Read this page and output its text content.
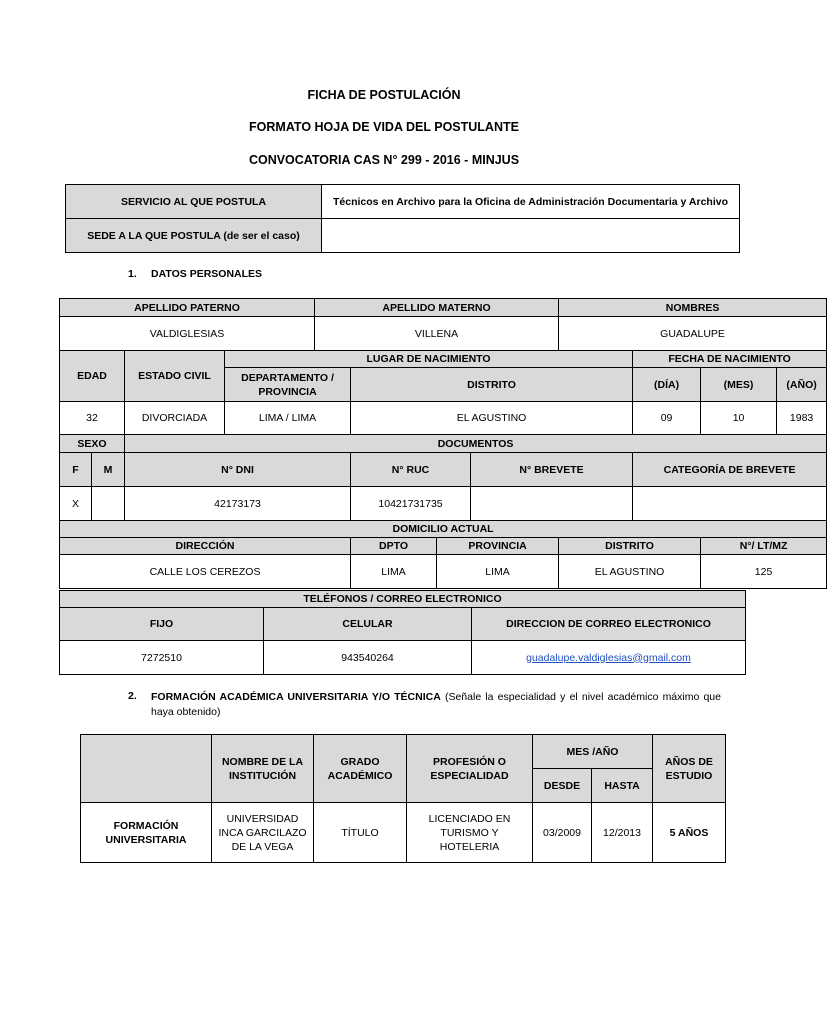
FICHA DE POSTULACIÓN
FORMATO HOJA DE VIDA DEL POSTULANTE
CONVOCATORIA CAS N° 299 - 2016 - MINJUS
SERVICIO AL QUE POSTULA	Técnicos en Archivo para la Oficina de Administración Documentaria y Archivo
SEDE A LA QUE POSTULA (de ser el caso)	
1. DATOS PERSONALES
APELLIDO PATERNO				APELLIDO MATERNO				NOMBRES			
VALDIGLESIAS				VILLENA				GUADALUPE			
EDAD		ESTADO CIVIL	LUGAR DE NACIMIENTO						FECHA DE NACIMIENTO		
			DEPARTAMENTO / PROVINCIA		DISTRITO				(DÍA)	(MES)	(AÑO)
32		DIVORCIADA	LIMA / LIMA		EL AGUSTINO				09	10	1983
SEXO		DOCUMENTOS									
F	M	N° DNI			N° RUC		N° BREVETE		CATEGORÍA DE BREVETE		
X		42173173			10421731735						
DOMICILIO ACTUAL											
DIRECCIÓN					DPTO	PROVINCIA		DISTRITO		N°/ LT/MZ	
CALLE LOS CEREZOS					LIMA	LIMA		EL AGUSTINO		125	
TELÉFONOS / CORREO ELECTRONICO		
FIJO	CELULAR	DIRECCION DE CORREO ELECTRONICO
7272510	943540264	guadalupe.valdiglesias@gmail.com
2. FORMACIÓN ACADÉMICA UNIVERSITARIA Y/O TÉCNICA (Señale la especialidad y el nivel académico máximo que haya obtenido)
	NOMBRE DE LA INSTITUCIÓN	GRADO ACADÉMICO	PROFESIÓN O ESPECIALIDAD	MES /AÑO		AÑOS DE ESTUDIO
				DESDE	HASTA	
FORMACIÓN UNIVERSITARIA	UNIVERSIDAD INCA GARCILAZO DE LA VEGA	TÍTULO	LICENCIADO EN TURISMO Y HOTELERIA	03/2009	12/2013	5 AÑOS
